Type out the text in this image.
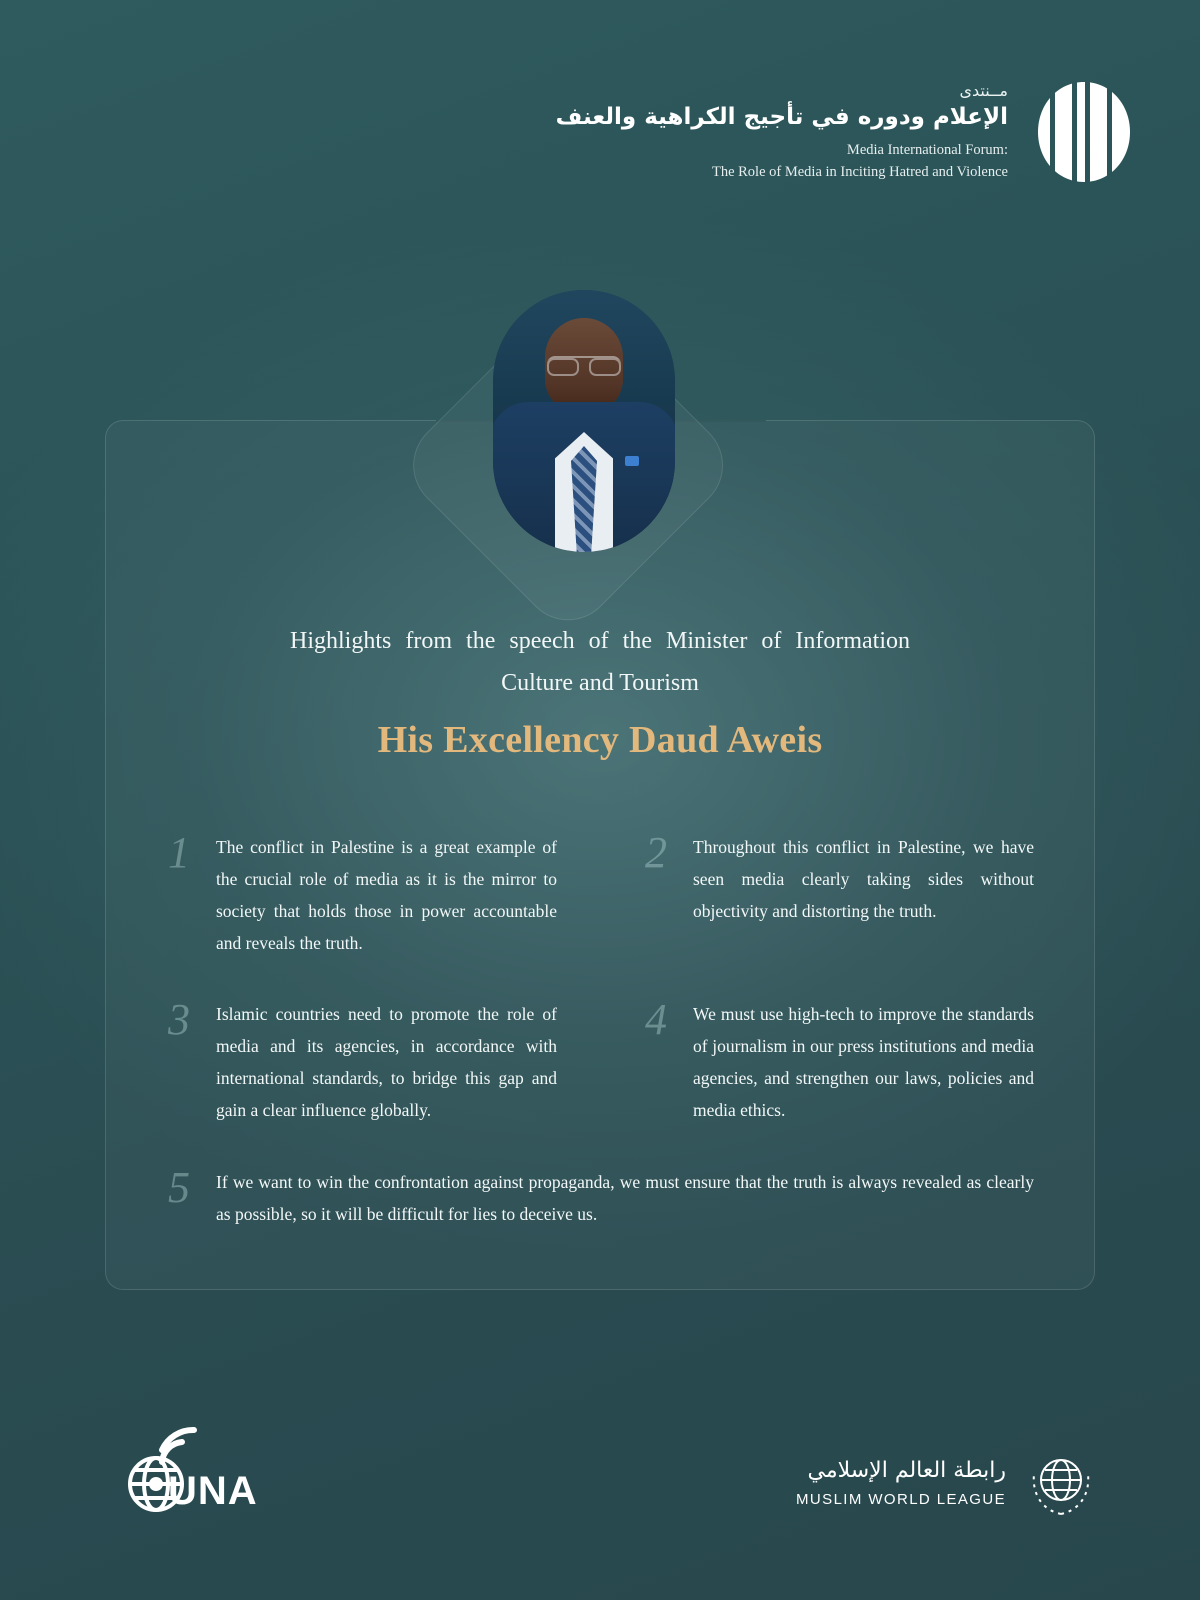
مــنتدى
الإعلام ودوره في تأجيج الكراهية والعنف
Media International Forum:
The Role of Media in Inciting Hatred and Violence
Highlights from the speech of the Minister of Information Culture and Tourism
His Excellency Daud Aweis
1	The conflict in Palestine is a great example of the crucial role of media as it is the mirror to society that holds those in power accountable and reveals the truth.
2	Throughout this conflict in Palestine, we have seen media clearly taking sides without objectivity and distorting the truth.
3	Islamic countries need to promote the role of media and its agencies, in accordance with international standards, to bridge this gap and gain a clear influence globally.
4	We must use high-tech to improve the standards of journalism in our press institutions and media agencies, and strengthen our laws, policies and media ethics.
5	If we want to win the confrontation against propaganda, we must ensure that the truth is always revealed as clearly as possible, so it will be difficult for lies to deceive us.
UNA	رابطة العالم الإسلامي
MUSLIM WORLD LEAGUE
